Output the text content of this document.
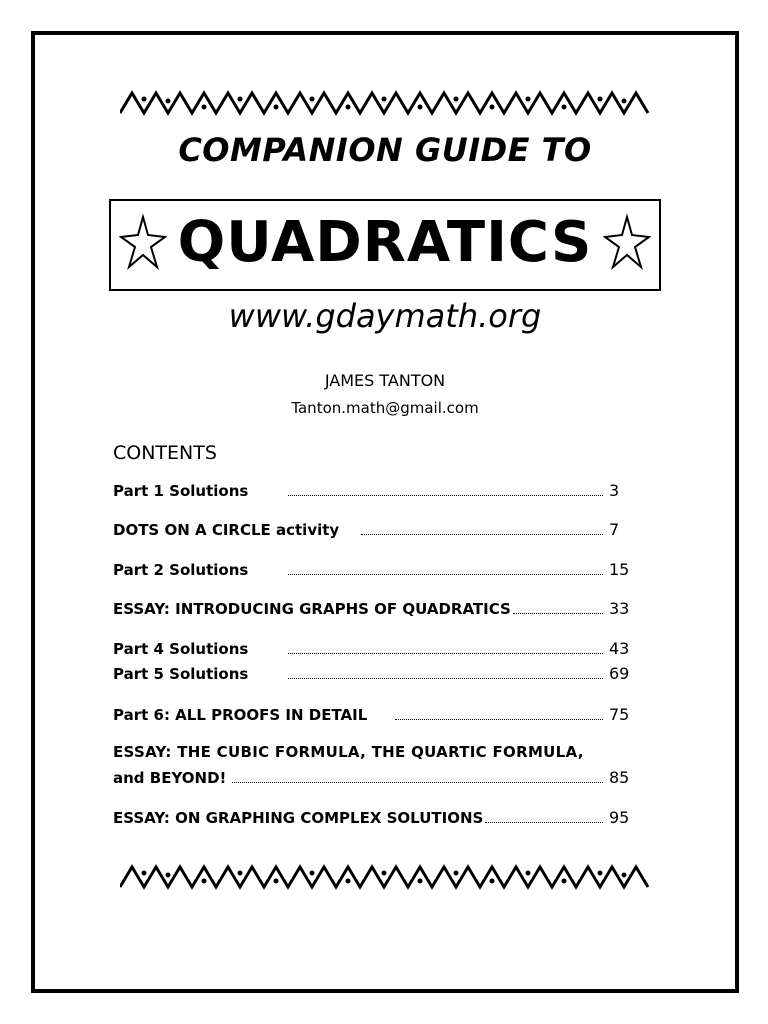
COMPANION GUIDE TO
QUADRATICS
www.gdaymath.org
JAMES TANTON
Tanton.math@gmail.com
CONTENTS
Part 1 Solutions	3
DOTS ON A CIRCLE activity	7
Part 2 Solutions	15
ESSAY: INTRODUCING GRAPHS OF QUADRATICS	33
Part 4 Solutions	43
Part 5 Solutions	69
Part 6: ALL PROOFS IN DETAIL	75
ESSAY: THE CUBIC FORMULA, THE QUARTIC FORMULA,
and BEYOND!	85
ESSAY: ON GRAPHING COMPLEX SOLUTIONS	95
